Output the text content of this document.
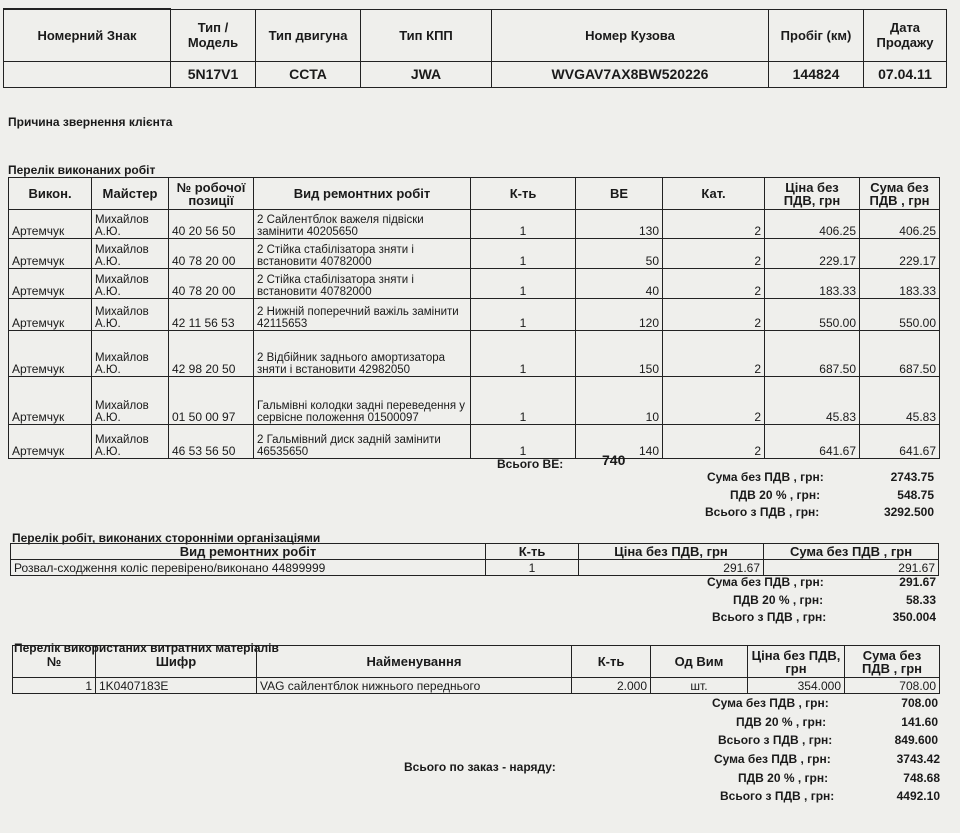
Номерний Знак	Тип / Модель	Тип двигуна	Тип КПП	Номер Кузова	Пробіг (км)	Дата Продажу
	5N17V1	CCTA	JWA	WVGAV7AX8BW520226	144824	07.04.11
Причина звернення клієнта
Перелік виконаних робіт
Викон.	Майстер	№ робочої позиції	Вид ремонтних робіт	К-ть	ВЕ	Кат.	Ціна без ПДВ, грн	Сума без ПДВ , грн
Артемчук	Михайлов А.Ю.	40 20 56 50	2 Сайлентблок важеля підвіски замінити 40205650	1	130	2	406.25	406.25
Артемчук	Михайлов А.Ю.	40 78 20 00	2 Стійка стабілізатора зняти і встановити 40782000	1	50	2	229.17	229.17
Артемчук	Михайлов А.Ю.	40 78 20 00	2 Стійка стабілізатора зняти і встановити 40782000	1	40	2	183.33	183.33
Артемчук	Михайлов А.Ю.	42 11 56 53	2 Нижній поперечний важіль замінити 42115653	1	120	2	550.00	550.00
Артемчук	Михайлов А.Ю.	42 98 20 50	2 Відбійник заднього амортизатора зняти і встановити 42982050	1	150	2	687.50	687.50
Артемчук	Михайлов А.Ю.	01 50 00 97	Гальмівні колодки задні переведення у сервісне положення 01500097	1	10	2	45.83	45.83
Артемчук	Михайлов А.Ю.	46 53 56 50	2 Гальмівний диск задній замінити 46535650	1	140	2	641.67	641.67
Всього ВЕ:	740
Сума без ПДВ , грн:	2743.75
ПДВ 20 % , грн:	548.75
Всього з ПДВ , грн:	3292.500
Перелік робіт, виконаних сторонніми організаціями
Вид ремонтних робіт	К-ть	Ціна без ПДВ, грн	Сума без ПДВ , грн
Розвал-сходження коліс перевірено/виконано 44899999	1	291.67	291.67
Сума без ПДВ , грн:	291.67
ПДВ 20 % , грн:	58.33
Всього з ПДВ , грн:	350.004
Перелік використаних витратних матеріалів
№	Шифр	Найменування	К-ть	Од Вим	Ціна без ПДВ, грн	Сума без ПДВ , грн
1	1K0407183E	VAG сайлентблок нижнього переднього	2.000	шт.	354.000	708.00
Сума без ПДВ , грн:	708.00
ПДВ 20 % , грн:	141.60
Всього з ПДВ , грн:	849.600
Всього по заказ - наряду:
Сума без ПДВ , грн:	3743.42
ПДВ 20 % , грн:	748.68
Всього з ПДВ , грн:	4492.10
